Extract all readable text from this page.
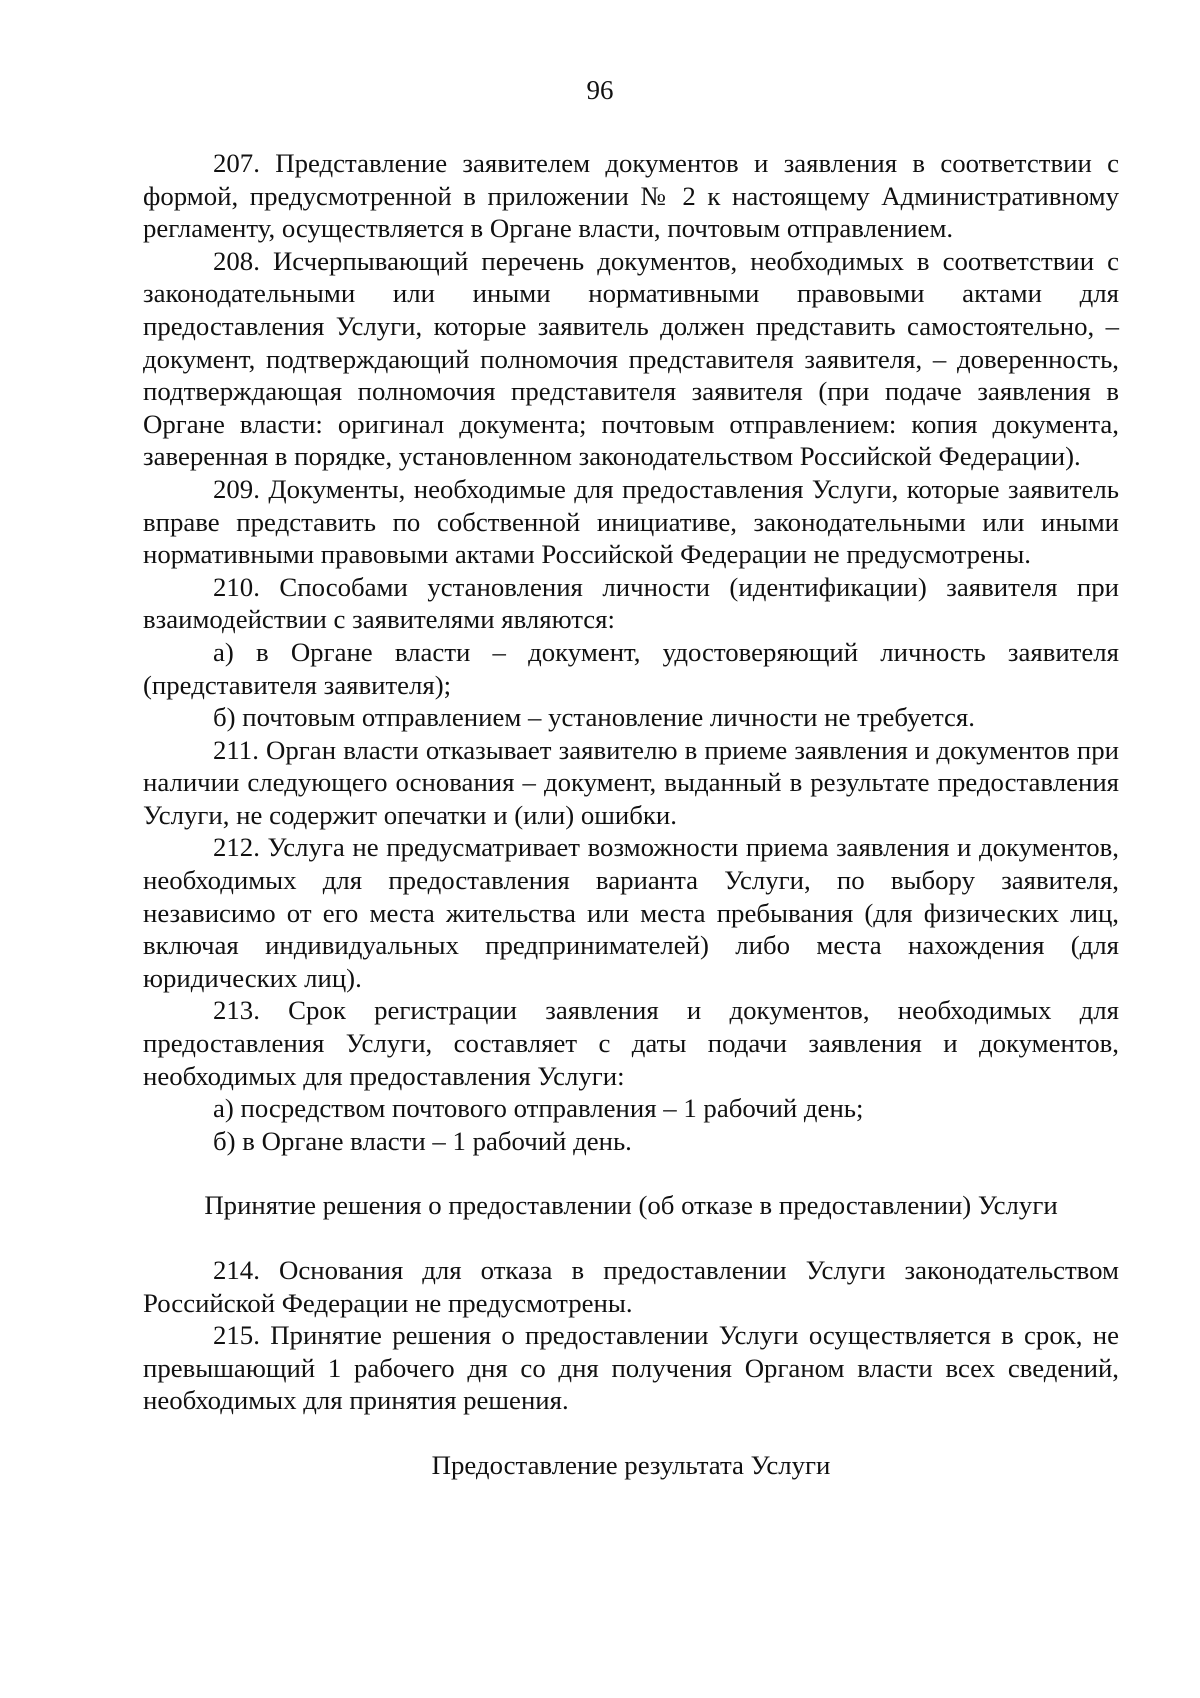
96

207. Представление заявителем документов и заявления в соответствии с формой, предусмотренной в приложении № 2 к настоящему Административному регламенту, осуществляется в Органе власти, почтовым отправлением.

208. Исчерпывающий перечень документов, необходимых в соответствии с законодательными или иными нормативными правовыми актами для предоставления Услуги, которые заявитель должен представить самостоятельно, – документ, подтверждающий полномочия представителя заявителя, – доверенность, подтверждающая полномочия представителя заявителя (при подаче заявления в Органе власти: оригинал документа; почтовым отправлением: копия документа, заверенная в порядке, установленном законодательством Российской Федерации).

209. Документы, необходимые для предоставления Услуги, которые заявитель вправе представить по собственной инициативе, законодательными или иными нормативными правовыми актами Российской Федерации не предусмотрены.

210. Способами установления личности (идентификации) заявителя при взаимодействии с заявителями являются:

а) в Органе власти – документ, удостоверяющий личность заявителя (представителя заявителя);

б) почтовым отправлением – установление личности не требуется.

211. Орган власти отказывает заявителю в приеме заявления и документов при наличии следующего основания – документ, выданный в результате предоставления Услуги, не содержит опечатки и (или) ошибки.

212. Услуга не предусматривает возможности приема заявления и документов, необходимых для предоставления варианта Услуги, по выбору заявителя, независимо от его места жительства или места пребывания (для физических лиц, включая индивидуальных предпринимателей) либо места нахождения (для юридических лиц).

213. Срок регистрации заявления и документов, необходимых для предоставления Услуги, составляет с даты подачи заявления и документов, необходимых для предоставления Услуги:

а) посредством почтового отправления – 1 рабочий день;

б) в Органе власти – 1 рабочий день.

Принятие решения о предоставлении (об отказе в предоставлении) Услуги

214. Основания для отказа в предоставлении Услуги законодательством Российской Федерации не предусмотрены.

215. Принятие решения о предоставлении Услуги осуществляется в срок, не превышающий 1 рабочего дня со дня получения Органом власти всех сведений, необходимых для принятия решения.

Предоставление результата Услуги
